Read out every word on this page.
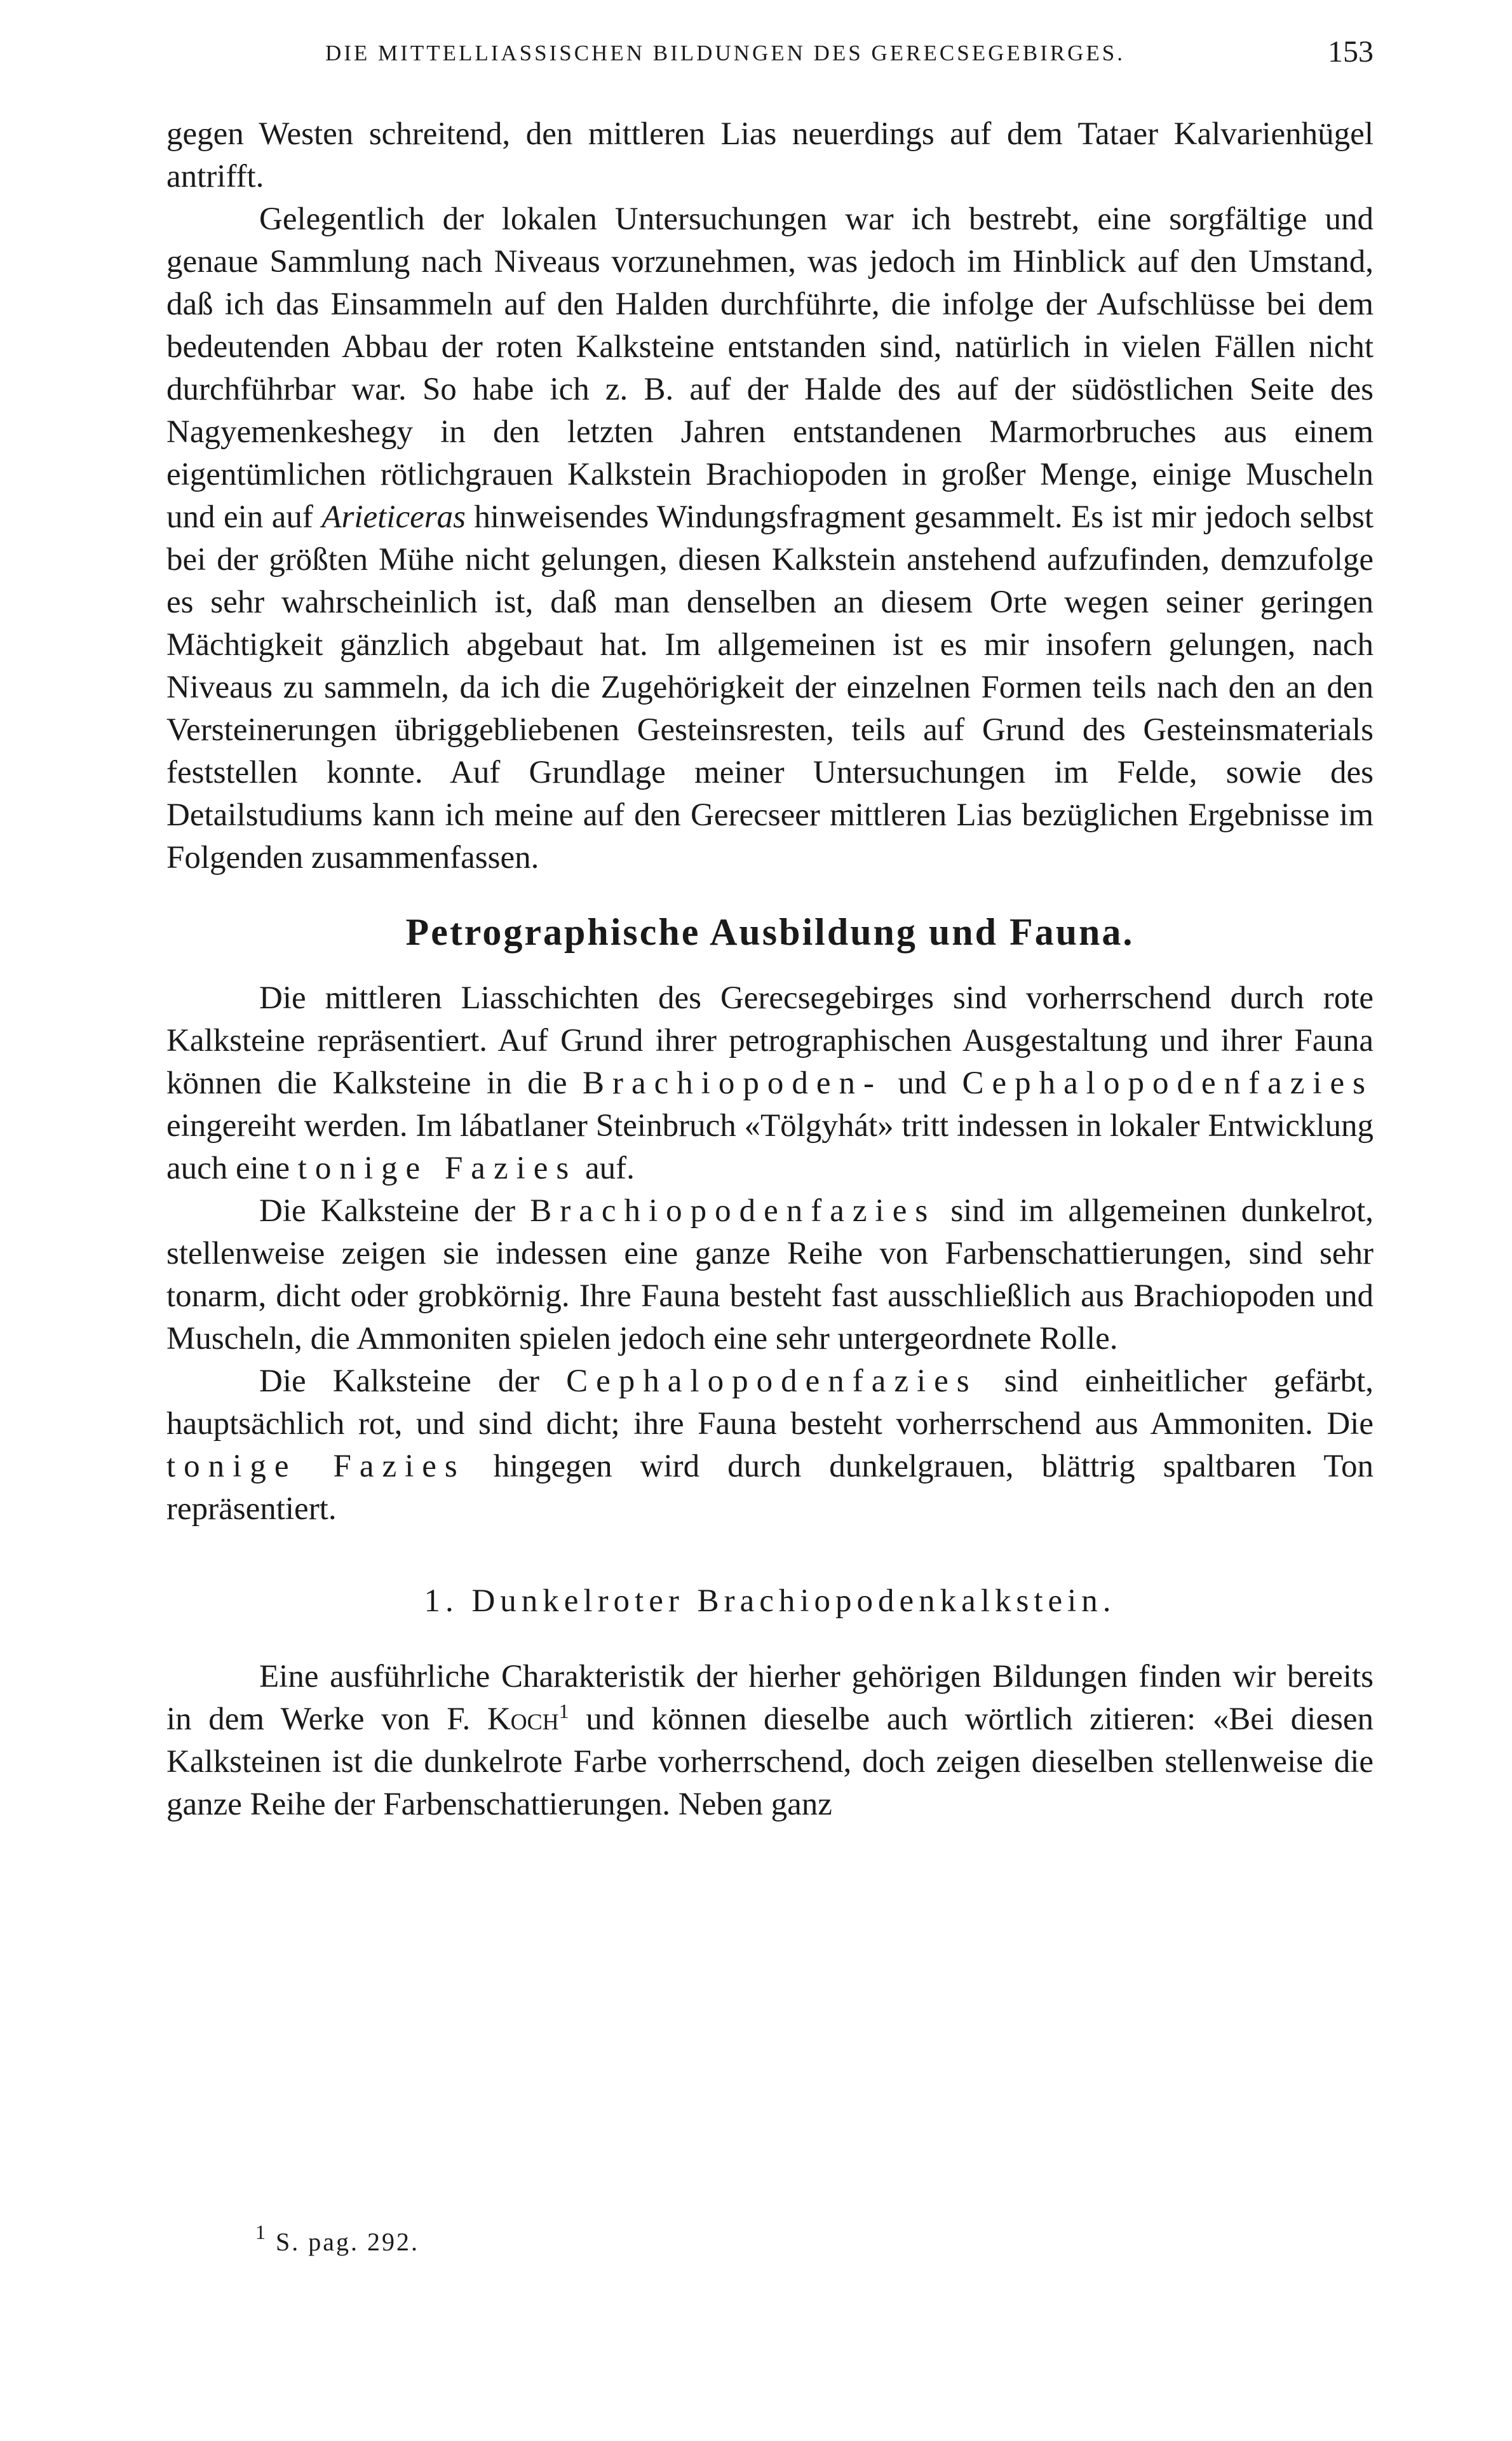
DIE MITTELLIASSISCHEN BILDUNGEN DES GERECSEGEBIRGES.	153

gegen Westen schreitend, den mittleren Lias neuerdings auf dem Tataer Kalvarienhügel antrifft.

Gelegentlich der lokalen Untersuchungen war ich bestrebt, eine sorgfältige und genaue Sammlung nach Niveaus vorzunehmen, was jedoch im Hinblick auf den Umstand, daß ich das Einsammeln auf den Halden durchführte, die infolge der Aufschlüsse bei dem bedeutenden Abbau der roten Kalksteine entstanden sind, natürlich in vielen Fällen nicht durchführbar war. So habe ich z. B. auf der Halde des auf der südöstlichen Seite des Nagyemenkeshegy in den letzten Jahren entstandenen Marmorbruches aus einem eigentümlichen rötlichgrauen Kalkstein Brachiopoden in großer Menge, einige Muscheln und ein auf Arieticeras hinweisendes Windungsfragment gesammelt. Es ist mir jedoch selbst bei der größten Mühe nicht gelungen, diesen Kalkstein anstehend aufzufinden, demzufolge es sehr wahrscheinlich ist, daß man denselben an diesem Orte wegen seiner geringen Mächtigkeit gänzlich abgebaut hat. Im allgemeinen ist es mir insofern gelungen, nach Niveaus zu sammeln, da ich die Zugehörigkeit der einzelnen Formen teils nach den an den Versteinerungen übriggebliebenen Gesteinsresten, teils auf Grund des Gesteinsmaterials feststellen konnte. Auf Grundlage meiner Untersuchungen im Felde, sowie des Detailstudiums kann ich meine auf den Gerecseer mittleren Lias bezüglichen Ergebnisse im Folgenden zusammenfassen.

Petrographische Ausbildung und Fauna.

Die mittleren Liasschichten des Gerecsegebirges sind vorherrschend durch rote Kalksteine repräsentiert. Auf Grund ihrer petrographischen Ausgestaltung und ihrer Fauna können die Kalksteine in die Brachiopoden- und Cephalopodenfazies eingereiht werden. Im lábatlaner Steinbruch «Tölgyhát» tritt indessen in lokaler Entwicklung auch eine tonige Fazies auf.

Die Kalksteine der Brachiopodenfazies sind im allgemeinen dunkelrot, stellenweise zeigen sie indessen eine ganze Reihe von Farbenschattierungen, sind sehr tonarm, dicht oder grobkörnig. Ihre Fauna besteht fast ausschließlich aus Brachiopoden und Muscheln, die Ammoniten spielen jedoch eine sehr untergeordnete Rolle.

Die Kalksteine der Cephalopodenfazies sind einheitlicher gefärbt, hauptsächlich rot, und sind dicht; ihre Fauna besteht vorherrschend aus Ammoniten. Die tonige Fazies hingegen wird durch dunkelgrauen, blättrig spaltbaren Ton repräsentiert.

1. Dunkelroter Brachiopodenkalkstein.

Eine ausführliche Charakteristik der hierher gehörigen Bildungen finden wir bereits in dem Werke von F. Koch$^1$ und können dieselbe auch wörtlich zitieren: «Bei diesen Kalksteinen ist die dunkelrote Farbe vorherrschend, doch zeigen dieselben stellenweise die ganze Reihe der Farbenschattierungen. Neben ganz

$^1$ S. pag. 292.
